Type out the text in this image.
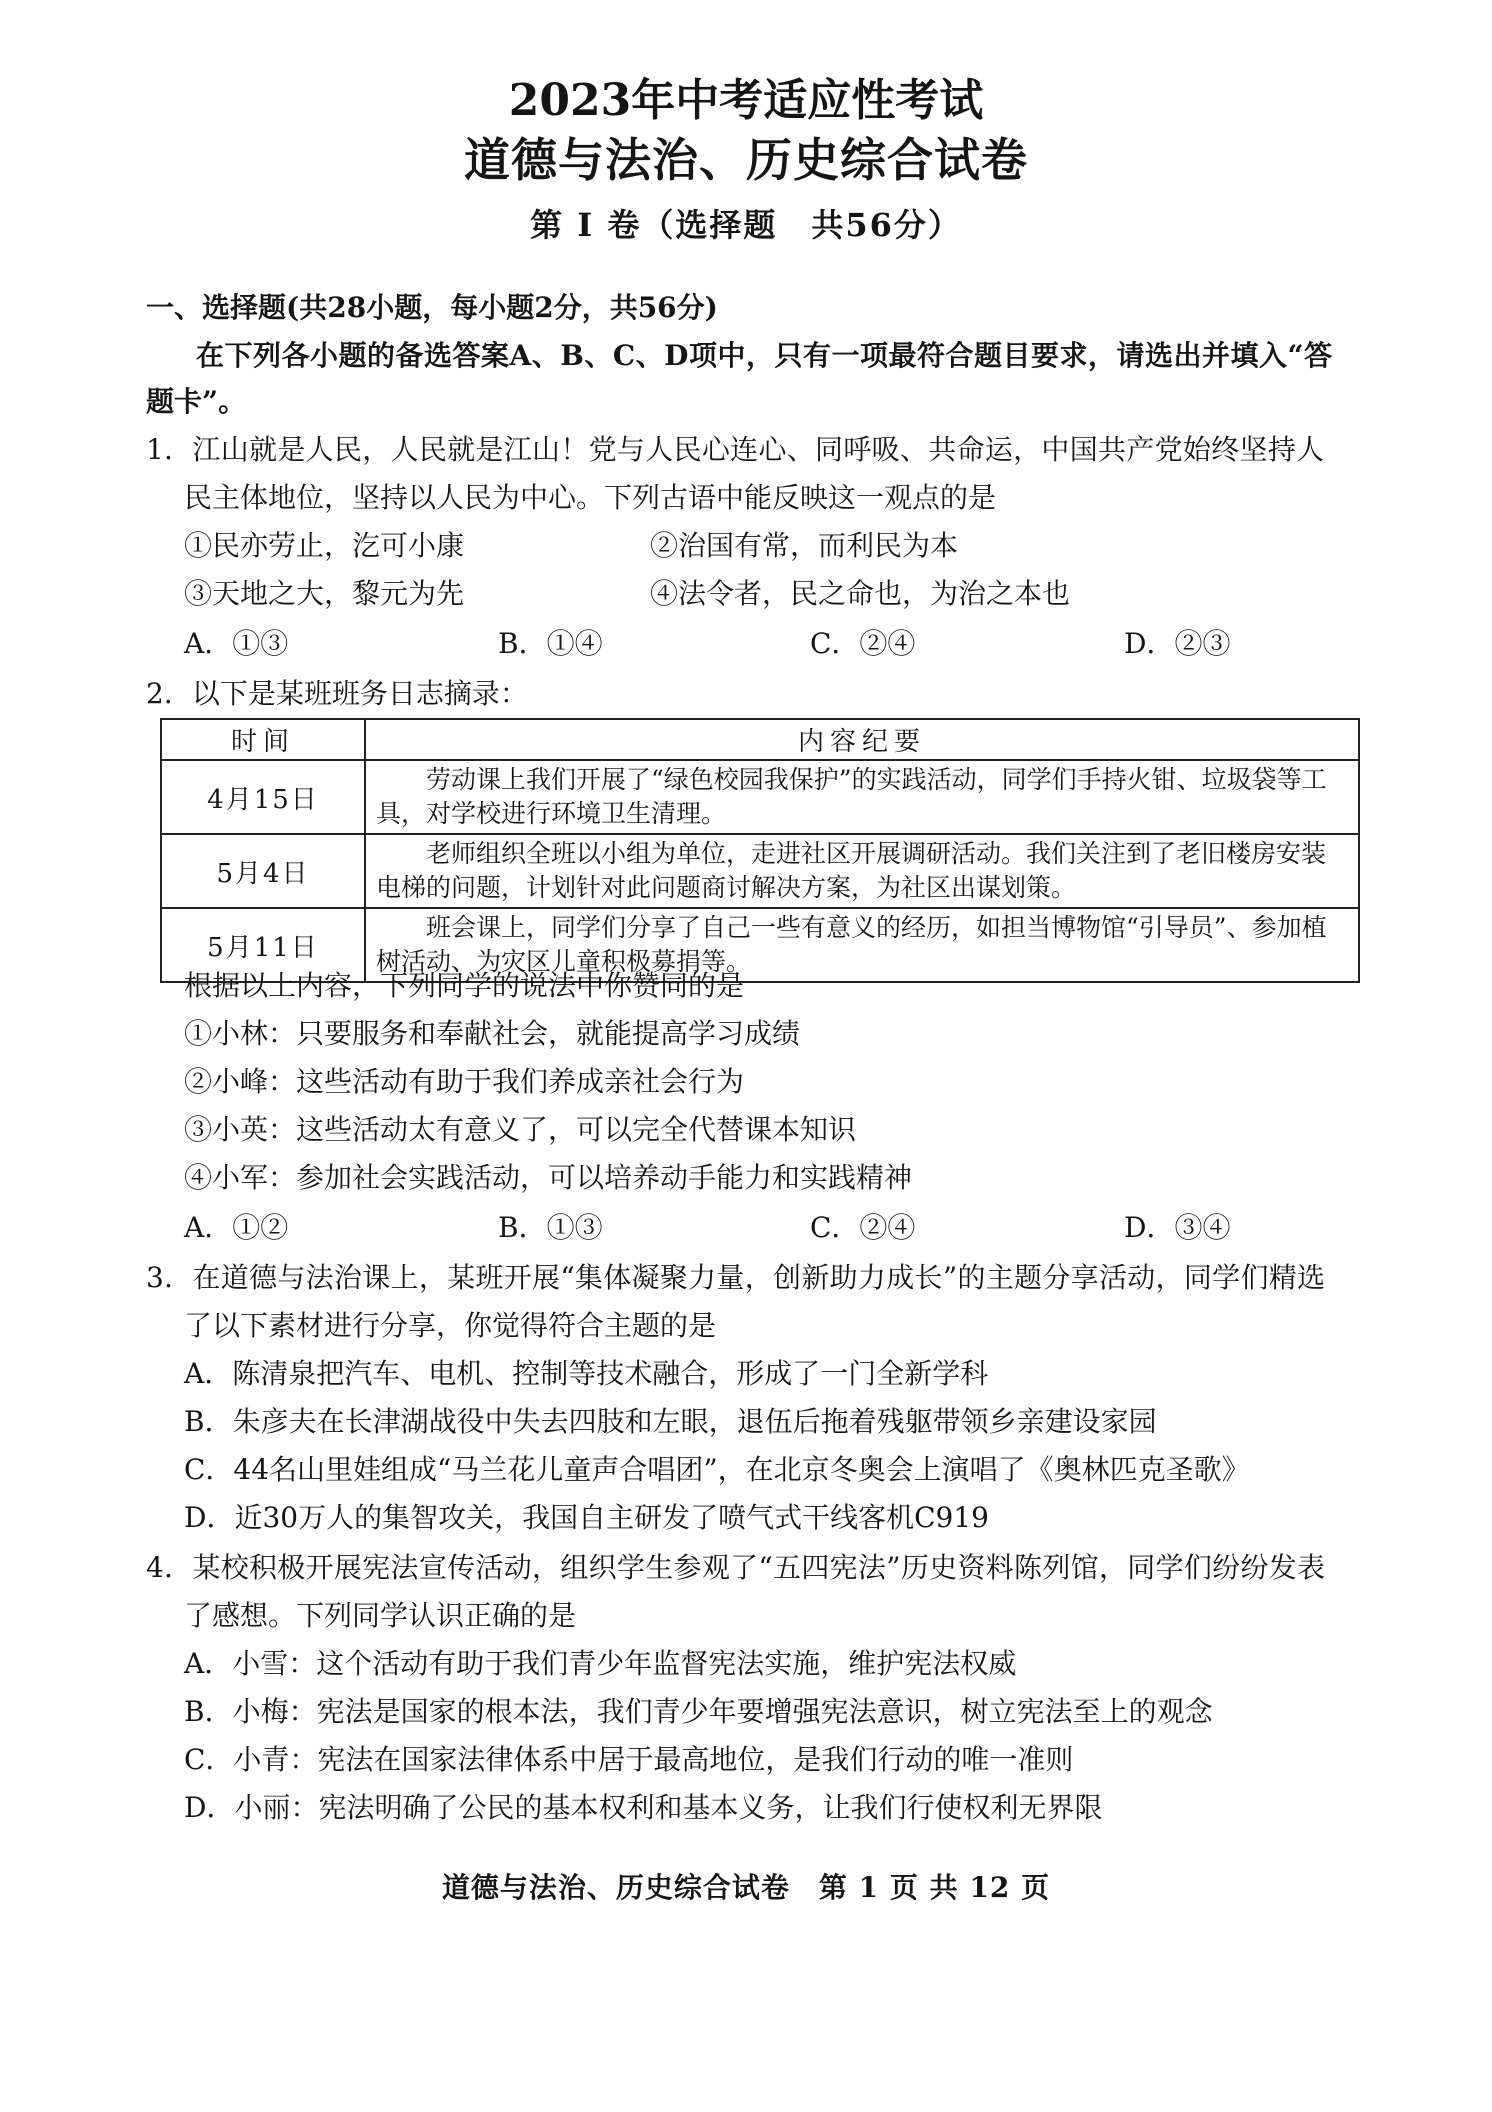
2023年中考适应性考试
道德与法治、历史综合试卷
第 Ⅰ 卷（选择题　共56分）
一、选择题(共28小题，每小题2分，共56分)
在下列各小题的备选答案A、B、C、D项中，只有一项最符合题目要求，请选出并填入“答
题卡”。
1．江山就是人民，人民就是江山！党与人民心连心、同呼吸、共命运，中国共产党始终坚持人
民主体地位，坚持以人民为中心。下列古语中能反映这一观点的是
①民亦劳止，汔可小康	②治国有常，而利民为本
③天地之大，黎元为先	④法令者，民之命也，为治之本也
A．①③	B．①④	C．②④	D．②③
2．以下是某班班务日志摘录：
时间	内容纪要
4月15日	劳动课上我们开展了“绿色校园我保护”的实践活动，同学们手持火钳、垃圾袋等工具，对学校进行环境卫生清理。
5月4日	老师组织全班以小组为单位，走进社区开展调研活动。我们关注到了老旧楼房安装电梯的问题，计划针对此问题商讨解决方案，为社区出谋划策。
5月11日	班会课上，同学们分享了自己一些有意义的经历，如担当博物馆“引导员”、参加植树活动、为灾区儿童积极募捐等。
根据以上内容，下列同学的说法中你赞同的是
①小林：只要服务和奉献社会，就能提高学习成绩
②小峰：这些活动有助于我们养成亲社会行为
③小英：这些活动太有意义了，可以完全代替课本知识
④小军：参加社会实践活动，可以培养动手能力和实践精神
A．①②	B．①③	C．②④	D．③④
3．在道德与法治课上，某班开展“集体凝聚力量，创新助力成长”的主题分享活动，同学们精选
了以下素材进行分享，你觉得符合主题的是
A．陈清泉把汽车、电机、控制等技术融合，形成了一门全新学科
B．朱彦夫在长津湖战役中失去四肢和左眼，退伍后拖着残躯带领乡亲建设家园
C．44名山里娃组成“马兰花儿童声合唱团”，在北京冬奥会上演唱了《奥林匹克圣歌》
D．近30万人的集智攻关，我国自主研发了喷气式干线客机C919
4．某校积极开展宪法宣传活动，组织学生参观了“五四宪法”历史资料陈列馆，同学们纷纷发表
了感想。下列同学认识正确的是
A．小雪：这个活动有助于我们青少年监督宪法实施，维护宪法权威
B．小梅：宪法是国家的根本法，我们青少年要增强宪法意识，树立宪法至上的观念
C．小青：宪法在国家法律体系中居于最高地位，是我们行动的唯一准则
D．小丽：宪法明确了公民的基本权利和基本义务，让我们行使权利无界限
道德与法治、历史综合试卷　第 1 页 共 12 页
